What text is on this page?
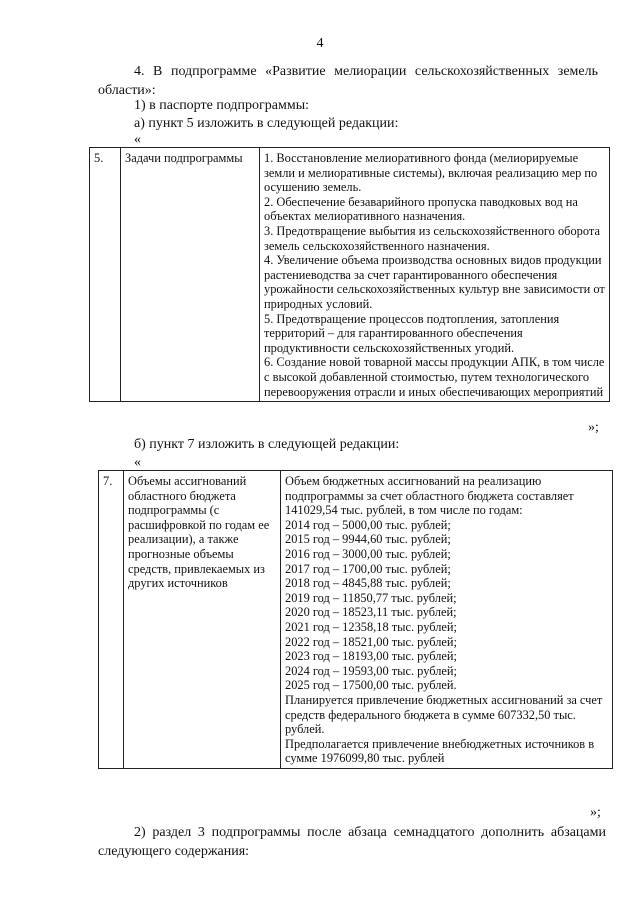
4
4. В подпрограмме «Развитие мелиорации сельскохозяйственных земель области»:
1) в паспорте подпрограммы:
а) пункт 5 изложить в следующей редакции:
«
5.	Задачи подпрограммы	1. Восстановление мелиоративного фонда (мелиорируемые земли и мелиоративные системы), включая реализацию мер по осушению земель.
2. Обеспечение безаварийного пропуска паводковых вод на объектах мелиоративного назначения.
3. Предотвращение выбытия из сельскохозяйственного оборота земель сельскохозяйственного назначения.
4. Увеличение объема производства основных видов продукции растениеводства за счет гарантированного обеспечения урожайности сельскохозяйственных культур вне зависимости от природных условий.
5. Предотвращение процессов подтопления, затопления территорий – для гарантированного обеспечения продуктивности сельскохозяйственных угодий.
6. Создание новой товарной массы продукции АПК, в том числе с высокой добавленной стоимостью, путем технологического перевооружения отрасли и иных обеспечивающих мероприятий
»;
б) пункт 7 изложить в следующей редакции:
«
7.	Объемы ассигнований областного бюджета подпрограммы (с расшифровкой по годам ее реализации), а также прогнозные объемы средств, привлекаемых из других источников	
Объем бюджетных ассигнований на реализацию подпрограммы за счет областного бюджета составляет 141029,54 тыс. рублей, в том числе по годам:
2014 год – 5000,00 тыс. рублей;
2015 год – 9944,60 тыс. рублей;
2016 год – 3000,00 тыс. рублей;
2017 год – 1700,00 тыс. рублей;
2018 год – 4845,88 тыс. рублей;
2019 год – 11850,77 тыс. рублей;
2020 год – 18523,11 тыс. рублей;
2021 год – 12358,18 тыс. рублей;
2022 год – 18521,00 тыс. рублей;
2023 год – 18193,00 тыс. рублей;
2024 год – 19593,00 тыс. рублей;
2025 год – 17500,00 тыс. рублей.
Планируется привлечение бюджетных ассигнований за счет средств федерального бюджета в сумме 607332,50 тыс. рублей.
Предполагается привлечение внебюджетных источников в сумме 1976099,80 тыс. рублей
»;
2) раздел 3 подпрограммы после абзаца семнадцатого дополнить абзацами следующего содержания:
